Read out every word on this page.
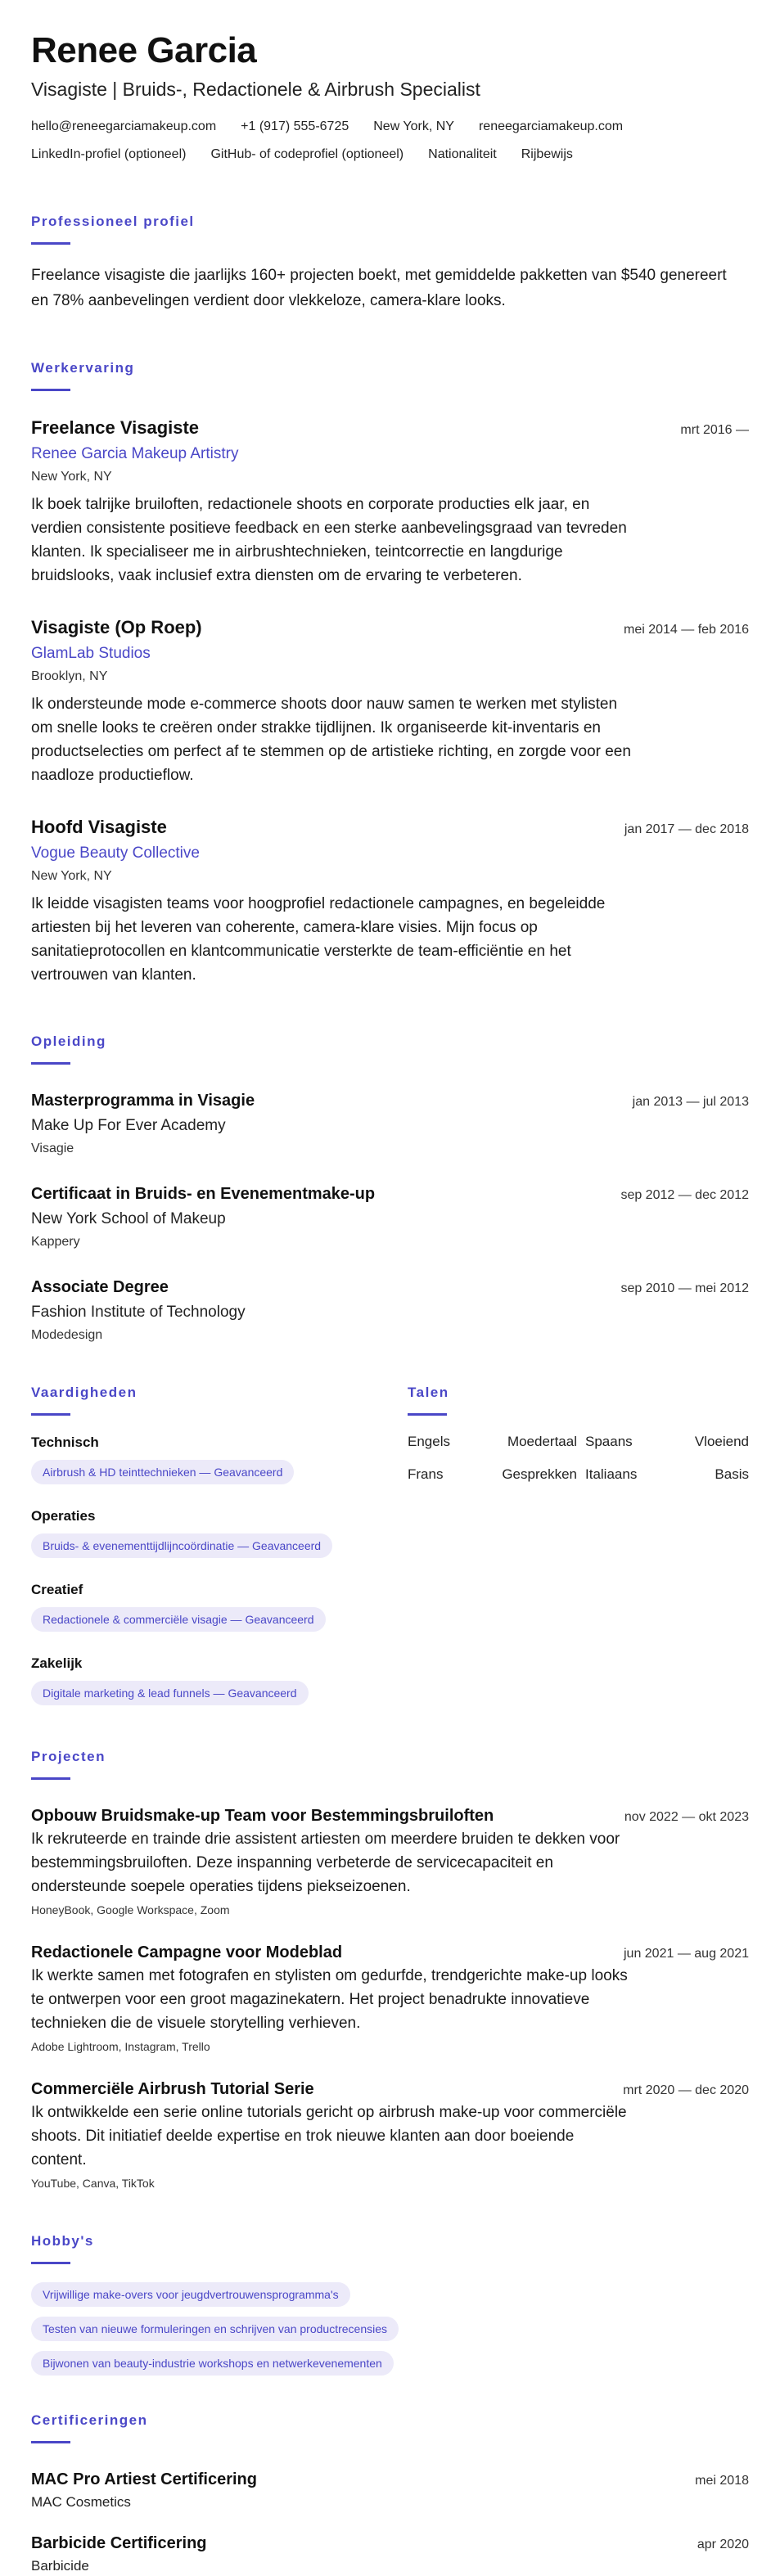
Renee Garcia
Visagiste | Bruids-, Redactionele & Airbrush Specialist
hello@reneegarciamakeup.com +1 (917) 555-6725 New York, NY reneegarciamakeup.com
LinkedIn-profiel (optioneel) GitHub- of codeprofiel (optioneel) Nationaliteit Rijbewijs
Professioneel profiel
Freelance visagiste die jaarlijks 160+ projecten boekt, met gemiddelde pakketten van $540 genereert en 78% aanbevelingen verdient door vlekkeloze, camera-klare looks.
Werkervaring
Freelance Visagiste	mrt 2016 —
Renee Garcia Makeup Artistry
New York, NY
Ik boek talrijke bruiloften, redactionele shoots en corporate producties elk jaar, en verdien consistente positieve feedback en een sterke aanbevelingsgraad van tevreden klanten. Ik specialiseer me in airbrushtechnieken, teintcorrectie en langdurige bruidslooks, vaak inclusief extra diensten om de ervaring te verbeteren.
Visagiste (Op Roep)	mei 2014 — feb 2016
GlamLab Studios
Brooklyn, NY
Ik ondersteunde mode e-commerce shoots door nauw samen te werken met stylisten om snelle looks te creëren onder strakke tijdlijnen. Ik organiseerde kit-inventaris en productselecties om perfect af te stemmen op de artistieke richting, en zorgde voor een naadloze productieflow.
Hoofd Visagiste	jan 2017 — dec 2018
Vogue Beauty Collective
New York, NY
Ik leidde visagisten teams voor hoogprofiel redactionele campagnes, en begeleidde artiesten bij het leveren van coherente, camera-klare visies. Mijn focus op sanitatieprotocollen en klantcommunicatie versterkte de team-efficiëntie en het vertrouwen van klanten.
Opleiding
Masterprogramma in Visagie	jan 2013 — jul 2013
Make Up For Ever Academy
Visagie
Certificaat in Bruids- en Evenementmake-up	sep 2012 — dec 2012
New York School of Makeup
Kappery
Associate Degree	sep 2010 — mei 2012
Fashion Institute of Technology
Modedesign
Vaardigheden
Technisch
Airbrush & HD teinttechnieken — Geavanceerd
Operaties
Bruids- & evenementtijdlijncoördinatie — Geavanceerd
Creatief
Redactionele & commerciële visagie — Geavanceerd
Zakelijk
Digitale marketing & lead funnels — Geavanceerd
Talen
Engels	Moedertaal Spaans	Vloeiend
Frans	Gesprekken Italiaans	Basis
Projecten
Opbouw Bruidsmake-up Team voor Bestemmingsbruiloften	nov 2022 — okt 2023
Ik rekruteerde en trainde drie assistent artiesten om meerdere bruiden te dekken voor bestemmingsbruiloften. Deze inspanning verbeterde de servicecapaciteit en ondersteunde soepele operaties tijdens piekseizoenen.
HoneyBook, Google Workspace, Zoom
Redactionele Campagne voor Modeblad	jun 2021 — aug 2021
Ik werkte samen met fotografen en stylisten om gedurfde, trendgerichte make-up looks te ontwerpen voor een groot magazinekatern. Het project benadrukte innovatieve technieken die de visuele storytelling verhieven.
Adobe Lightroom, Instagram, Trello
Commerciële Airbrush Tutorial Serie	mrt 2020 — dec 2020
Ik ontwikkelde een serie online tutorials gericht op airbrush make-up voor commerciële shoots. Dit initiatief deelde expertise en trok nieuwe klanten aan door boeiende content.
YouTube, Canva, TikTok
Hobby's
Vrijwillige make-overs voor jeugdvertrouwensprogramma's
Testen van nieuwe formuleringen en schrijven van productrecensies
Bijwonen van beauty-industrie workshops en netwerkevenementen
Certificeringen
MAC Pro Artiest Certificering	mei 2018
MAC Cosmetics
Barbicide Certificering	apr 2020
Barbicide
